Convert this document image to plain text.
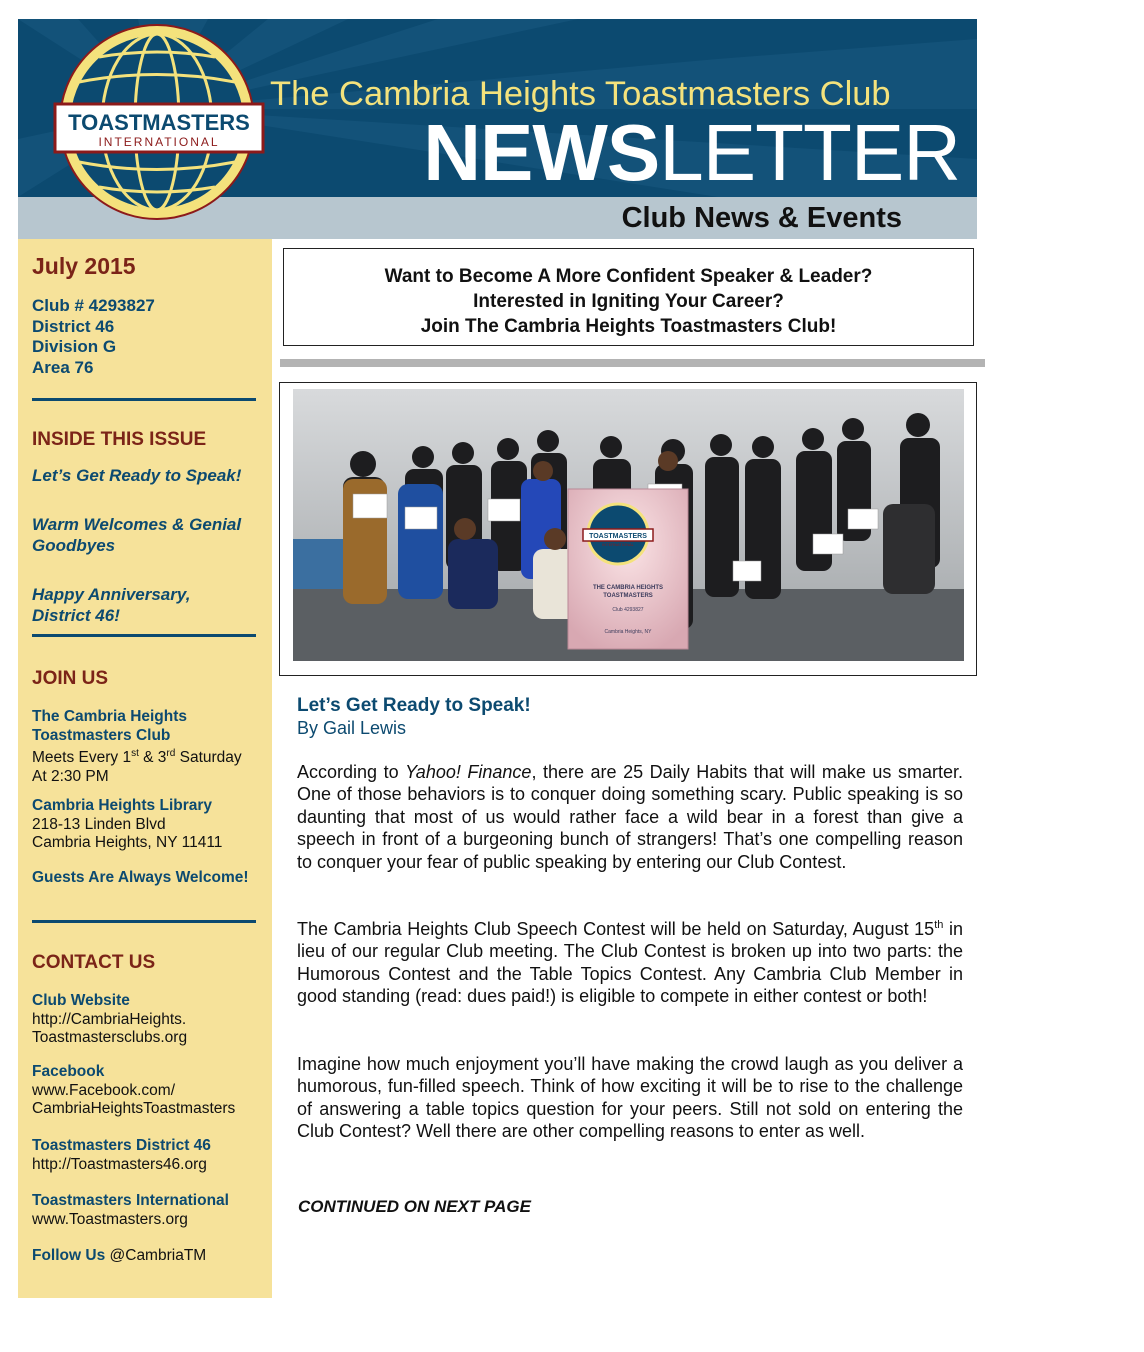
The Cambria Heights Toastmasters Club
NEWSLETTER
Club News & Events
TOASTMASTERS
INTERNATIONAL
July 2015
Club # 4293827
District 46
Division G
Area 76
INSIDE THIS ISSUE
Let’s Get Ready to Speak!
Warm Welcomes & Genial Goodbyes
Happy Anniversary, District 46!
JOIN US
The Cambria Heights
Toastmasters Club
Meets Every 1st & 3rd Saturday
At 2:30 PM
Cambria Heights Library
218-13 Linden Blvd
Cambria Heights, NY 11411
Guests Are Always Welcome!
CONTACT US
Club Website
http://CambriaHeights.
Toastmastersclubs.org
Facebook
www.Facebook.com/
CambriaHeightsToastmasters
Toastmasters District 46
http://Toastmasters46.org
Toastmasters International
www.Toastmasters.org
Follow Us @CambriaTM
Want to Become A More Confident Speaker & Leader?
Interested in Igniting Your Career?
Join The Cambria Heights Toastmasters Club!
TOASTMASTERS
INTERNATIONAL
THE CAMBRIA HEIGHTS
TOASTMASTERS
Club 4293827
Cambria Heights, NY
Let’s Get Ready to Speak!
By Gail Lewis
According to Yahoo! Finance, there are 25 Daily Habits that will make us smarter. One of those behaviors is to conquer doing something scary. Public speaking is so daunting that most of us would rather face a wild bear in a forest than give a speech in front of a burgeoning bunch of strangers! That’s one compelling reason to conquer your fear of public speaking by entering our Club Contest.
The Cambria Heights Club Speech Contest will be held on Saturday, August 15th in lieu of our regular Club meeting. The Club Contest is broken up into two parts: the Humorous Contest and the Table Topics Contest. Any Cambria Club Member in good standing (read: dues paid!) is eligible to compete in either contest or both!
Imagine how much enjoyment you’ll have making the crowd laugh as you deliver a humorous, fun-filled speech. Think of how exciting it will be to rise to the challenge of answering a table topics question for your peers. Still not sold on entering the Club Contest? Well there are other compelling reasons to enter as well.
CONTINUED ON NEXT PAGE
